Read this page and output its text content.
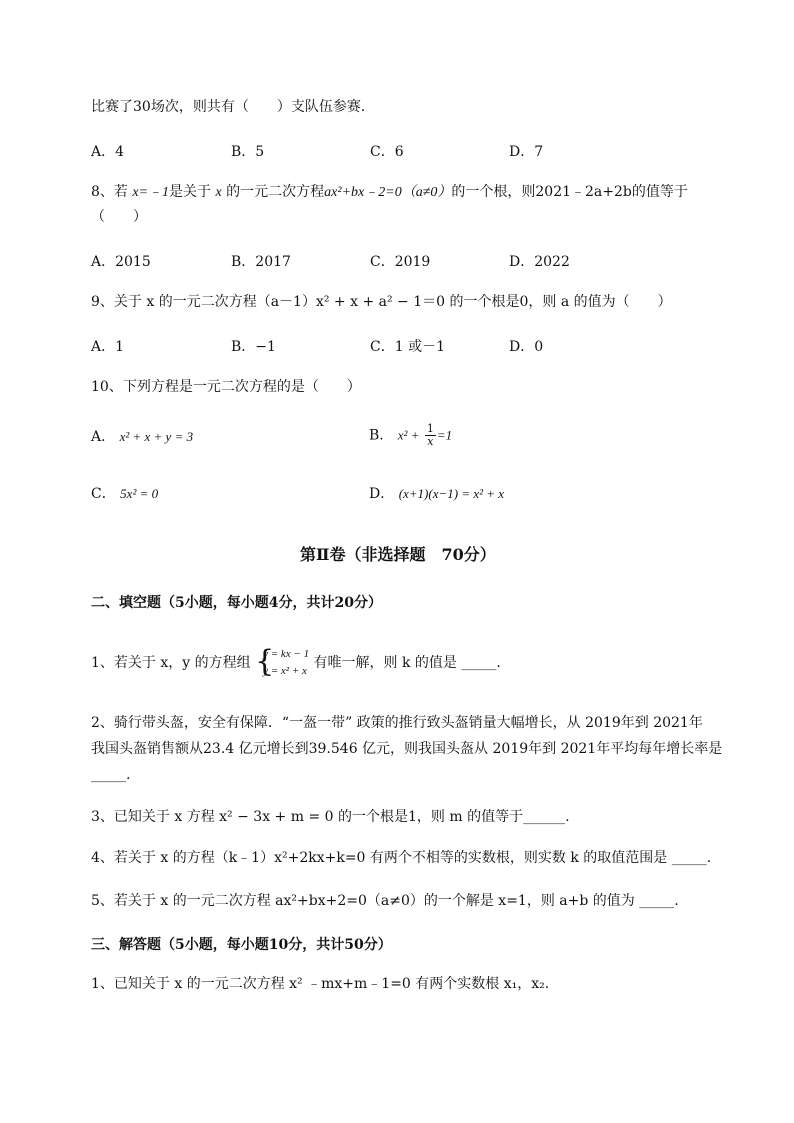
比赛了30场次，则共有（　　）支队伍参赛．
A．4	B．5	C．6	D．7
8、若 x=﹣1是关于 x 的一元二次方程ax²+bx﹣2=0（a≠0）的一个根，则2021﹣2a+2b的值等于
（　　）
A．2015	B．2017	C．2019	D．2022
9、关于 x 的一元二次方程（a－1）x² + x + a² − 1＝0 的一个根是0，则 a 的值为（　　）
A．1	B．−1	C．1 或－1	D．0
10、下列方程是一元二次方程的是（　　）
A． x² + x + y = 3	B． $x^2 + \frac{1}{x} =1$
C． 5x² = 0	D． (x+1)(x−1) = x² + x
第Ⅱ卷（非选择题　70分）
二、填空题（5小题，每小题4分，共计20分）
1、若关于 x，y 的方程组 {
y = kx − 1
y = x² + x 有唯一解，则 k 的值是 _____.
2、骑行带头盔，安全有保障．“一盔一带” 政策的推行致头盔销量大幅增长，从 2019年到 2021年
我国头盔销售额从23.4 亿元增长到39.546 亿元，则我国头盔从 2019年到 2021年平均每年增长率是
_____.
3、已知关于 x 方程 x² − 3x + m = 0 的一个根是1，则 m 的值等于______.
4、若关于 x 的方程（k﹣1）x²+2kx+k=0 有两个不相等的实数根，则实数 k 的取值范围是 _____.
5、若关于 x 的一元二次方程 ax²+bx+2=0（a≠0）的一个解是 x=1，则 a+b 的值为 _____.
三、解答题（5小题，每小题10分，共计50分）
1、已知关于 x 的一元二次方程 x² ﹣mx+m﹣1=0 有两个实数根 x₁，x₂.
